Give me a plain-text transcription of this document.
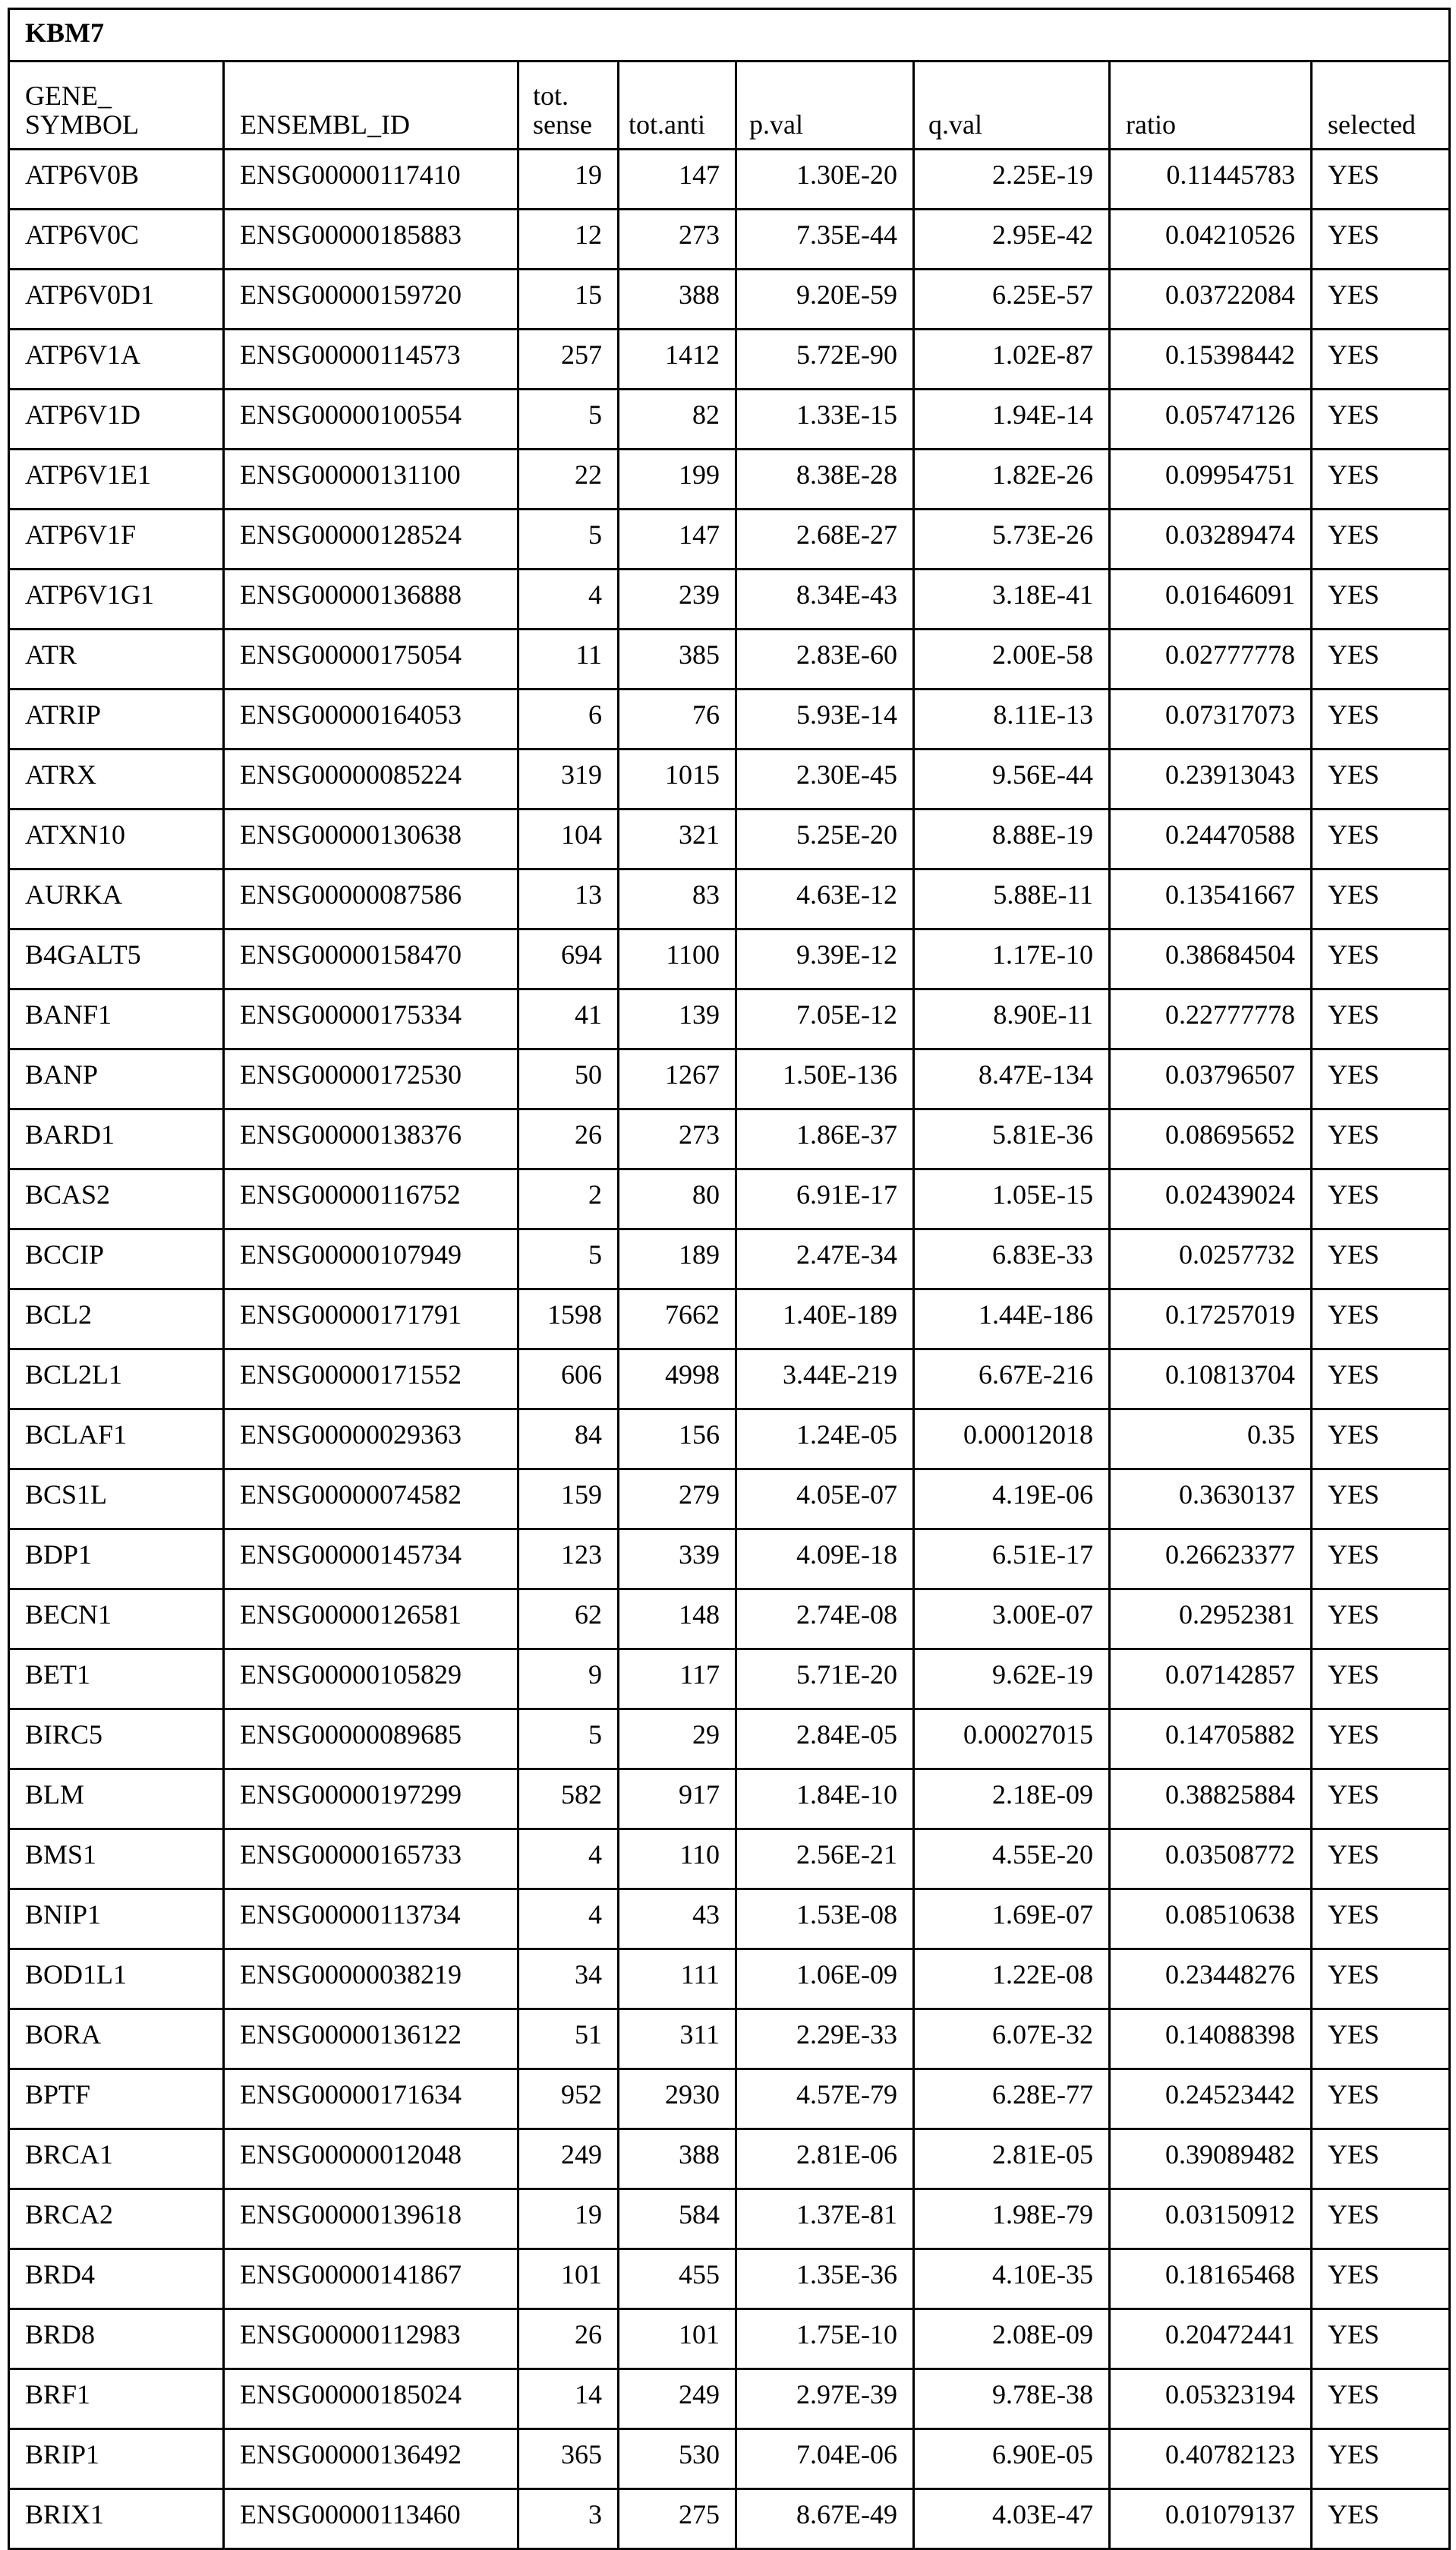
KBM7							
GENE_ SYMBOL	ENSEMBL_ID	tot. sense	tot.anti	p.val	q.val	ratio	selected
ATP6V0B	ENSG00000117410	19	147	1.30E-20	2.25E-19	0.11445783	YES
ATP6V0C	ENSG00000185883	12	273	7.35E-44	2.95E-42	0.04210526	YES
ATP6V0D1	ENSG00000159720	15	388	9.20E-59	6.25E-57	0.03722084	YES
ATP6V1A	ENSG00000114573	257	1412	5.72E-90	1.02E-87	0.15398442	YES
ATP6V1D	ENSG00000100554	5	82	1.33E-15	1.94E-14	0.05747126	YES
ATP6V1E1	ENSG00000131100	22	199	8.38E-28	1.82E-26	0.09954751	YES
ATP6V1F	ENSG00000128524	5	147	2.68E-27	5.73E-26	0.03289474	YES
ATP6V1G1	ENSG00000136888	4	239	8.34E-43	3.18E-41	0.01646091	YES
ATR	ENSG00000175054	11	385	2.83E-60	2.00E-58	0.02777778	YES
ATRIP	ENSG00000164053	6	76	5.93E-14	8.11E-13	0.07317073	YES
ATRX	ENSG00000085224	319	1015	2.30E-45	9.56E-44	0.23913043	YES
ATXN10	ENSG00000130638	104	321	5.25E-20	8.88E-19	0.24470588	YES
AURKA	ENSG00000087586	13	83	4.63E-12	5.88E-11	0.13541667	YES
B4GALT5	ENSG00000158470	694	1100	9.39E-12	1.17E-10	0.38684504	YES
BANF1	ENSG00000175334	41	139	7.05E-12	8.90E-11	0.22777778	YES
BANP	ENSG00000172530	50	1267	1.50E-136	8.47E-134	0.03796507	YES
BARD1	ENSG00000138376	26	273	1.86E-37	5.81E-36	0.08695652	YES
BCAS2	ENSG00000116752	2	80	6.91E-17	1.05E-15	0.02439024	YES
BCCIP	ENSG00000107949	5	189	2.47E-34	6.83E-33	0.0257732	YES
BCL2	ENSG00000171791	1598	7662	1.40E-189	1.44E-186	0.17257019	YES
BCL2L1	ENSG00000171552	606	4998	3.44E-219	6.67E-216	0.10813704	YES
BCLAF1	ENSG00000029363	84	156	1.24E-05	0.00012018	0.35	YES
BCS1L	ENSG00000074582	159	279	4.05E-07	4.19E-06	0.3630137	YES
BDP1	ENSG00000145734	123	339	4.09E-18	6.51E-17	0.26623377	YES
BECN1	ENSG00000126581	62	148	2.74E-08	3.00E-07	0.2952381	YES
BET1	ENSG00000105829	9	117	5.71E-20	9.62E-19	0.07142857	YES
BIRC5	ENSG00000089685	5	29	2.84E-05	0.00027015	0.14705882	YES
BLM	ENSG00000197299	582	917	1.84E-10	2.18E-09	0.38825884	YES
BMS1	ENSG00000165733	4	110	2.56E-21	4.55E-20	0.03508772	YES
BNIP1	ENSG00000113734	4	43	1.53E-08	1.69E-07	0.08510638	YES
BOD1L1	ENSG00000038219	34	111	1.06E-09	1.22E-08	0.23448276	YES
BORA	ENSG00000136122	51	311	2.29E-33	6.07E-32	0.14088398	YES
BPTF	ENSG00000171634	952	2930	4.57E-79	6.28E-77	0.24523442	YES
BRCA1	ENSG00000012048	249	388	2.81E-06	2.81E-05	0.39089482	YES
BRCA2	ENSG00000139618	19	584	1.37E-81	1.98E-79	0.03150912	YES
BRD4	ENSG00000141867	101	455	1.35E-36	4.10E-35	0.18165468	YES
BRD8	ENSG00000112983	26	101	1.75E-10	2.08E-09	0.20472441	YES
BRF1	ENSG00000185024	14	249	2.97E-39	9.78E-38	0.05323194	YES
BRIP1	ENSG00000136492	365	530	7.04E-06	6.90E-05	0.40782123	YES
BRIX1	ENSG00000113460	3	275	8.67E-49	4.03E-47	0.01079137	YES
